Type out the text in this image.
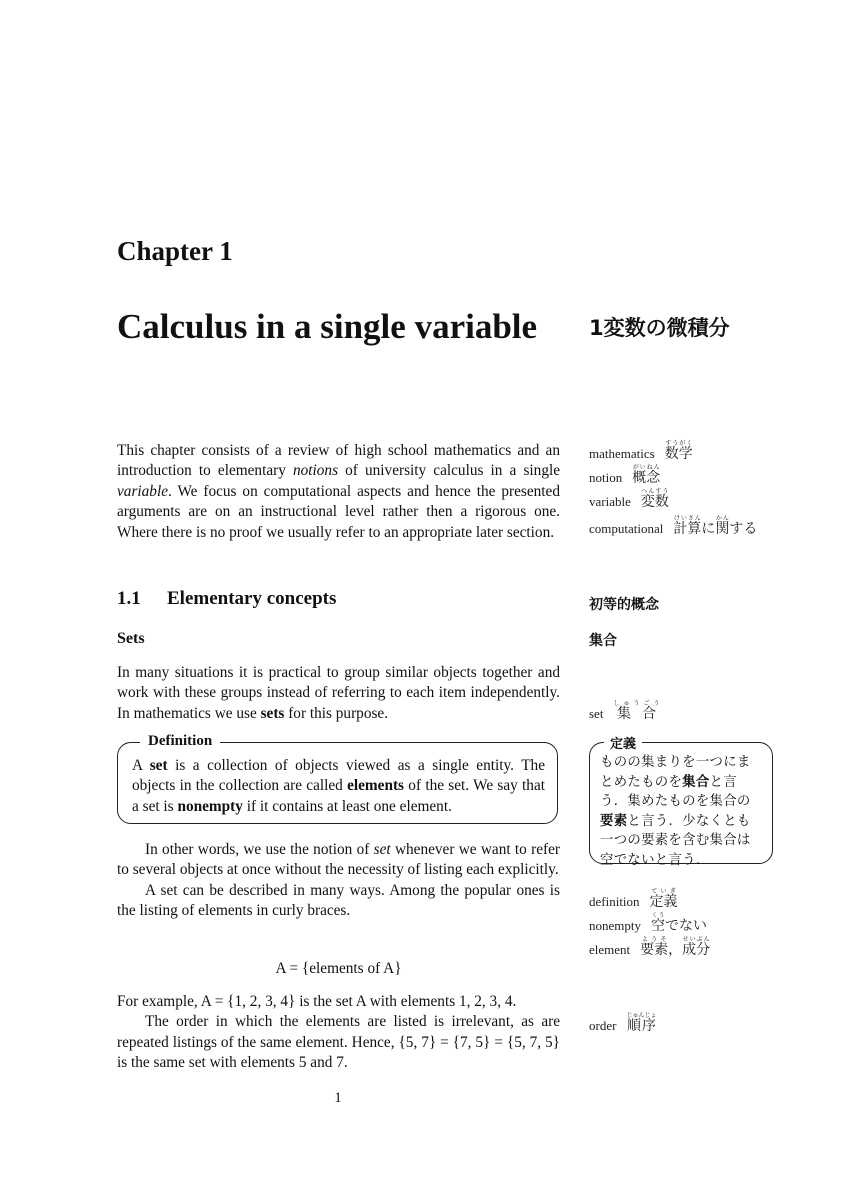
Chapter 1
Calculus in a single variable	1変数の微積分
This chapter consists of a review of high school mathematics and an introduction to elementary notions of university calculus in a single variable. We focus on computational aspects and hence the presented arguments are on an instructional level rather then a rigorous one. Where there is no proof we usually refer to an appropriate later section.
mathematics 数学すうがく
notion 概念がいねん
variable 変数へんすう
computational 計算けいさんに関かんする
1.1 Elementary concepts	初等的概念
Sets	集合
In many situations it is practical to group similar objects together and work with these groups instead of referring to each item independently. In mathematics we use sets for this purpose.	set 集合しゅうごう
Definition
A set is a collection of objects viewed as a single entity. The objects in the collection are called elements of the set. We say that a set is nonempty if it contains at least one element.
定義
ものの集まりを一つにまとめたものを集合と言う．集めたものを集合の要素と言う．少なくとも一つの要素を含む集合は空でないと言う．
In other words, we use the notion of set whenever we want to refer to several objects at once without the necessity of listing each explicitly.
A set can be described in many ways. Among the popular ones is the listing of elements in curly braces.
definition 定義ていぎ
nonempty 空くうでない
element 要素ようそ，成分せいぶん
A = {elements of A}
For example, A = {1, 2, 3, 4} is the set A with elements 1, 2, 3, 4.
The order in which the elements are listed is irrelevant, as are repeated listings of the same element. Hence, {5, 7} = {7, 5} = {5, 7, 5} is the same set with elements 5 and 7.
order 順序じゅんじょ
1
